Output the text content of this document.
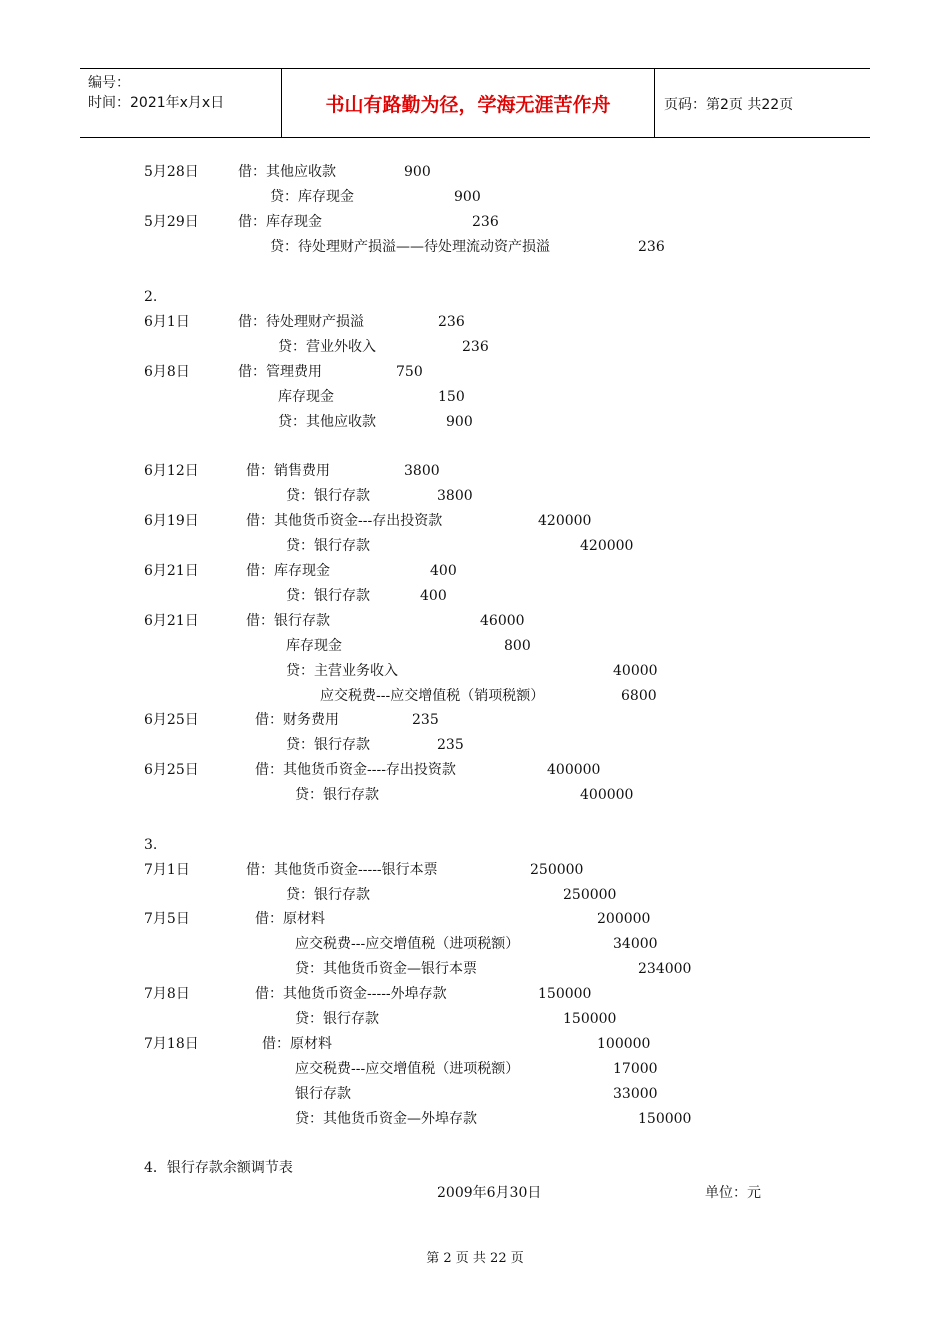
编号：
时间：2021年x月x日	书山有路勤为径，学海无涯苦作舟	页码：第2页 共22页
5月28日	借：其他应收款	900
贷：库存现金	900
5月29日	借：库存现金	236
贷：待处理财产损溢——待处理流动资产损溢	236
2.
6月1日	借：待处理财产损溢	236
贷：营业外收入	236
6月8日	借：管理费用	750
库存现金	150
贷：其他应收款	900
6月12日	借：销售费用	3800
贷：银行存款	3800
6月19日	借：其他货币资金---存出投资款	420000
贷：银行存款	420000
6月21日	借：库存现金	400
贷：银行存款	400
6月21日	借：银行存款	46000
库存现金	800
贷：主营业务收入	40000
应交税费---应交增值税（销项税额）	6800
6月25日	借：财务费用	235
贷：银行存款	235
6月25日	借：其他货币资金----存出投资款	400000
贷：银行存款	400000
3.
7月1日	借：其他货币资金-----银行本票	250000
贷：银行存款	250000
7月5日	借：原材料	200000
应交税费---应交增值税（进项税额）	34000
贷：其他货币资金—银行本票	234000
7月8日	借：其他货币资金-----外埠存款	150000
贷：银行存款	150000
7月18日	借：原材料	100000
应交税费---应交增值税（进项税额）	17000
银行存款	33000
贷：其他货币资金—外埠存款	150000
4．银行存款余额调节表
2009年6月30日	单位：元
第 2 页 共 22 页
